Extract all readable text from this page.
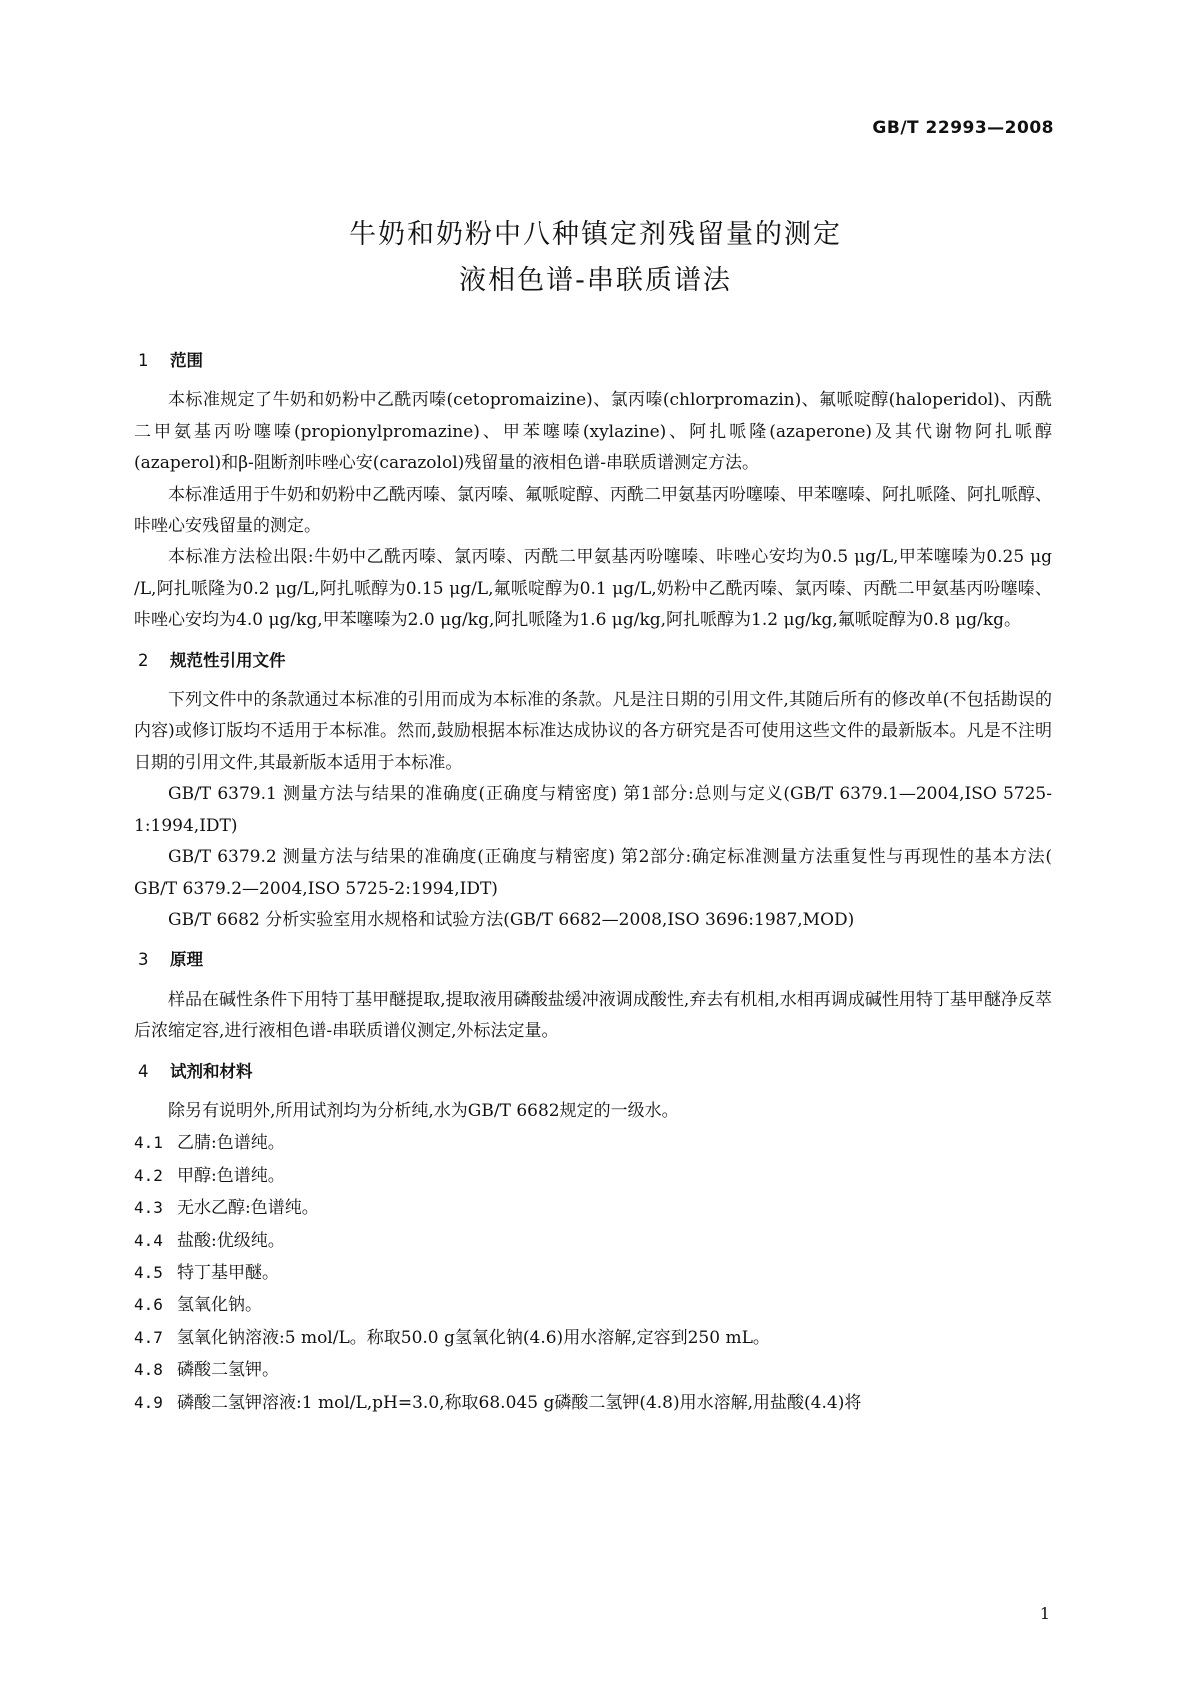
GB/T 22993—2008
牛奶和奶粉中八种镇定剂残留量的测定
液相色谱-串联质谱法
1 范围

本标准规定了牛奶和奶粉中乙酰丙嗪(cetopromaizine)、氯丙嗪(chlorpromazin)、氟哌啶醇(haloperidol)、丙酰二甲氨基丙吩噻嗪(propionylpromazine)、甲苯噻嗪(xylazine)、阿扎哌隆(azaperone)及其代谢物阿扎哌醇(azaperol)和β-阻断剂咔唑心安(carazolol)残留量的液相色谱-串联质谱测定方法。

本标准适用于牛奶和奶粉中乙酰丙嗪、氯丙嗪、氟哌啶醇、丙酰二甲氨基丙吩噻嗪、甲苯噻嗪、阿扎哌隆、阿扎哌醇、咔唑心安残留量的测定。

本标准方法检出限:牛奶中乙酰丙嗪、氯丙嗪、丙酰二甲氨基丙吩噻嗪、咔唑心安均为0.5 μg/L,甲苯噻嗪为0.25 μg /L,阿扎哌隆为0.2 μg/L,阿扎哌醇为0.15 μg/L,氟哌啶醇为0.1 μg/L,奶粉中乙酰丙嗪、氯丙嗪、丙酰二甲氨基丙吩噻嗪、咔唑心安均为4.0 μg/kg,甲苯噻嗪为2.0 μg/kg,阿扎哌隆为1.6 μg/kg,阿扎哌醇为1.2 μg/kg,氟哌啶醇为0.8 μg/kg。

2 规范性引用文件

下列文件中的条款通过本标准的引用而成为本标准的条款。凡是注日期的引用文件,其随后所有的修改单(不包括勘误的内容)或修订版均不适用于本标准。然而,鼓励根据本标准达成协议的各方研究是否可使用这些文件的最新版本。凡是不注明日期的引用文件,其最新版本适用于本标准。

GB/T 6379.1 测量方法与结果的准确度(正确度与精密度) 第1部分:总则与定义(GB/T 6379.1—2004,ISO 5725-1:1994,IDT)

GB/T 6379.2 测量方法与结果的准确度(正确度与精密度) 第2部分:确定标准测量方法重复性与再现性的基本方法( GB/T 6379.2—2004,ISO 5725-2:1994,IDT)

GB/T 6682 分析实验室用水规格和试验方法(GB/T 6682—2008,ISO 3696:1987,MOD)

3 原理

样品在碱性条件下用特丁基甲醚提取,提取液用磷酸盐缓冲液调成酸性,弃去有机相,水相再调成碱性用特丁基甲醚净反萃后浓缩定容,进行液相色谱-串联质谱仪测定,外标法定量。

4 试剂和材料

除另有说明外,所用试剂均为分析纯,水为GB/T 6682规定的一级水。

4.1 乙腈:色谱纯。

4.2 甲醇:色谱纯。

4.3 无水乙醇:色谱纯。

4.4 盐酸:优级纯。

4.5 特丁基甲醚。

4.6 氢氧化钠。

4.7 氢氧化钠溶液:5 mol/L。称取50.0 g氢氧化钠(4.6)用水溶解,定容到250 mL。

4.8 磷酸二氢钾。

4.9 磷酸二氢钾溶液:1 mol/L,pH=3.0,称取68.045 g磷酸二氢钾(4.8)用水溶解,用盐酸(4.4)将

1
